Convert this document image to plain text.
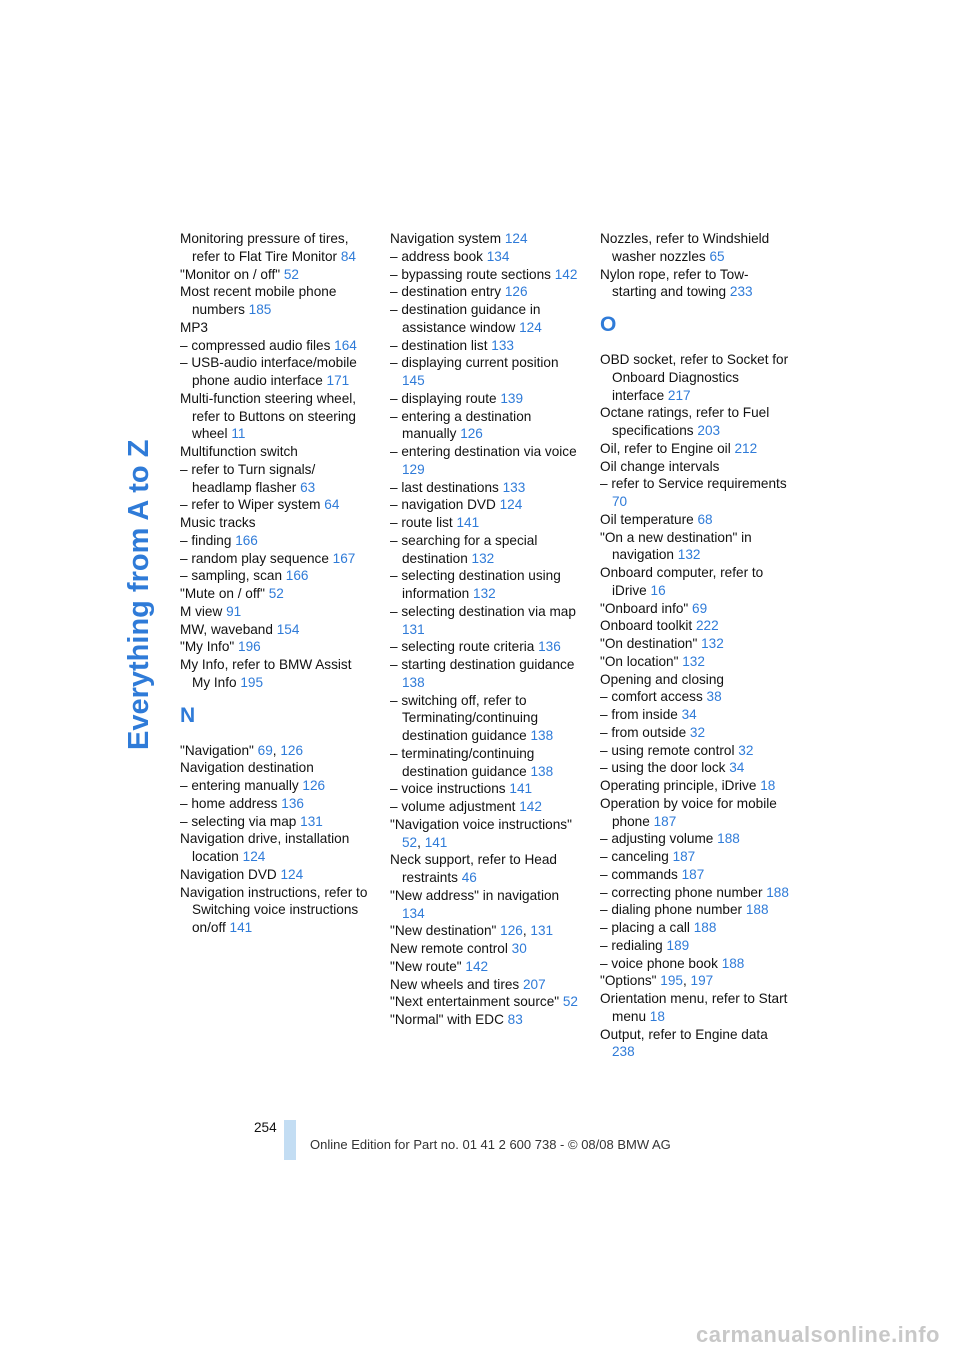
Everything from A to Z
Monitoring pressure of tires, refer to Flat Tire Monitor 84
"Monitor on / off" 52
Most recent mobile phone numbers 185
MP3
– compressed audio files 164
– USB-audio interface/mobile phone audio interface 171
Multi-function steering wheel, refer to Buttons on steering wheel 11
Multifunction switch
– refer to Turn signals/ headlamp flasher 63
– refer to Wiper system 64
Music tracks
– finding 166
– random play sequence 167
– sampling, scan 166
"Mute on / off" 52
M view 91
MW, waveband 154
"My Info" 196
My Info, refer to BMW Assist My Info 195
N
"Navigation" 69, 126
Navigation destination
– entering manually 126
– home address 136
– selecting via map 131
Navigation drive, installation location 124
Navigation DVD 124
Navigation instructions, refer to Switching voice instructions on/off 141
Navigation system 124
– address book 134
– bypassing route sections 142
– destination entry 126
– destination guidance in assistance window 124
– destination list 133
– displaying current position 145
– displaying route 139
– entering a destination manually 126
– entering destination via voice 129
– last destinations 133
– navigation DVD 124
– route list 141
– searching for a special destination 132
– selecting destination using information 132
– selecting destination via map 131
– selecting route criteria 136
– starting destination guidance 138
– switching off, refer to Terminating/continuing destination guidance 138
– terminating/continuing destination guidance 138
– voice instructions 141
– volume adjustment 142
"Navigation voice instructions" 52, 141
Neck support, refer to Head restraints 46
"New address" in navigation 134
"New destination" 126, 131
New remote control 30
"New route" 142
New wheels and tires 207
"Next entertainment source" 52
"Normal" with EDC 83
Nozzles, refer to Windshield washer nozzles 65
Nylon rope, refer to Tow-starting and towing 233
O
OBD socket, refer to Socket for Onboard Diagnostics interface 217
Octane ratings, refer to Fuel specifications 203
Oil, refer to Engine oil 212
Oil change intervals
– refer to Service requirements 70
Oil temperature 68
"On a new destination" in navigation 132
Onboard computer, refer to iDrive 16
"Onboard info" 69
Onboard toolkit 222
"On destination" 132
"On location" 132
Opening and closing
– comfort access 38
– from inside 34
– from outside 32
– using remote control 32
– using the door lock 34
Operating principle, iDrive 18
Operation by voice for mobile phone 187
– adjusting volume 188
– canceling 187
– commands 187
– correcting phone number 188
– dialing phone number 188
– placing a call 188
– redialing 189
– voice phone book 188
"Options" 195, 197
Orientation menu, refer to Start menu 18
Output, refer to Engine data 238
254
Online Edition for Part no. 01 41 2 600 738 - © 08/08 BMW AG
carmanualsonline.info
